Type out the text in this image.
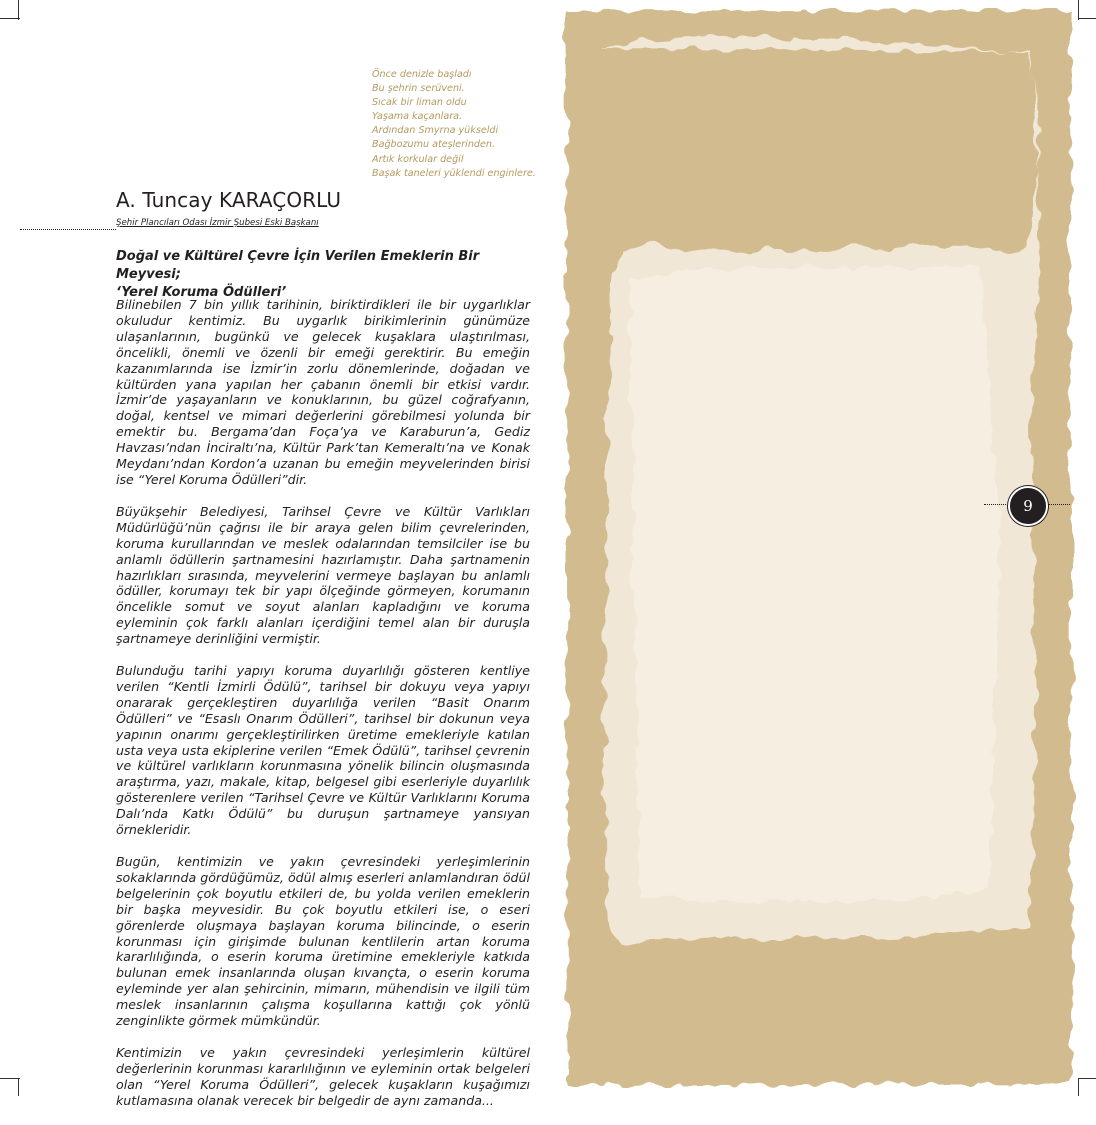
Önce denizle başladı
Bu şehrin serüveni.
Sıcak bir liman oldu
Yaşama kaçanlara.
Ardından Smyrna yükseldi
Bağbozumu ateşlerinden.
Artık korkular değil
Başak taneleri yüklendi enginlere.
A. Tuncay KARAÇORLU
Şehir Plancıları Odası İzmir Şubesi Eski Başkanı
Doğal ve Kültürel Çevre İçin Verilen Emeklerin Bir Meyvesi;
‘Yerel Koruma Ödülleri’

Bilinebilen 7 bin yıllık tarihinin, biriktirdikleri ile bir uygarlıklar okuludur kentimiz. Bu uygarlık birikimlerinin günümüze ulaşanlarının, bugünkü ve gelecek kuşaklara ulaştırılması, öncelikli, önemli ve özenli bir emeği gerektirir. Bu emeğin kazanımlarında ise İzmir’in zorlu dönemlerinde, doğadan ve kültürden yana yapılan her çabanın önemli bir etkisi vardır. İzmir’de yaşayanların ve konuklarının, bu güzel coğrafyanın, doğal, kentsel ve mimari değerlerini görebilmesi yolunda bir emektir bu. Bergama’dan Foça’ya ve Karaburun’a, Gediz Havzası’ndan İnciraltı’na, Kültür Park’tan Kemeraltı’na ve Konak Meydanı’ndan Kordon’a uzanan bu emeğin meyvelerinden birisi ise “Yerel Koruma Ödülleri”dir.

Büyükşehir Belediyesi, Tarihsel Çevre ve Kültür Varlıkları Müdürlüğü’nün çağrısı ile bir araya gelen bilim çevrelerinden, koruma kurullarından ve meslek odalarından temsilciler ise bu anlamlı ödüllerin şartnamesini hazırlamıştır. Daha şartnamenin hazırlıkları sırasında, meyvelerini vermeye başlayan bu anlamlı ödüller, korumayı tek bir yapı ölçeğinde görmeyen, korumanın öncelikle somut ve soyut alanları kapladığını ve koruma eyleminin çok farklı alanları içerdiğini temel alan bir duruşla şartnameye derinliğini vermiştir.

Bulunduğu tarihi yapıyı koruma duyarlılığı gösteren kentliye verilen “Kentli İzmirli Ödülü”, tarihsel bir dokuyu veya yapıyı onararak gerçekleştiren duyarlılığa verilen “Basit Onarım Ödülleri” ve “Esaslı Onarım Ödülleri”, tarihsel bir dokunun veya yapının onarımı gerçekleştirilirken üretime emekleriyle katılan usta veya usta ekiplerine verilen “Emek Ödülü”, tarihsel çevrenin ve kültürel varlıkların korunmasına yönelik bilincin oluşmasında araştırma, yazı, makale, kitap, belgesel gibi eserleriyle duyarlılık gösterenlere verilen “Tarihsel Çevre ve Kültür Varlıklarını Koruma Dalı’nda Katkı Ödülü” bu duruşun şartnameye yansıyan örnekleridir.

Bugün, kentimizin ve yakın çevresindeki yerleşimlerinin sokaklarında gördüğümüz, ödül almış eserleri anlamlandıran ödül belgelerinin çok boyutlu etkileri de, bu yolda verilen emeklerin bir başka meyvesidir. Bu çok boyutlu etkileri ise, o eseri görenlerde oluşmaya başlayan koruma bilincinde, o eserin korunması için girişimde bulunan kentlilerin artan koruma kararlılığında, o eserin koruma üretimine emekleriyle katkıda bulunan emek insanlarında oluşan kıvançta, o eserin koruma eyleminde yer alan şehircinin, mimarın, mühendisin ve ilgili tüm meslek insanlarının çalışma koşullarına kattığı çok yönlü zenginlikte görmek mümkündür.

Kentimizin ve yakın çevresindeki yerleşimlerin kültürel değerlerinin korunması kararlılığının ve eyleminin ortak belgeleri olan “Yerel Koruma Ödülleri”, gelecek kuşakların kuşağımızı kutlamasına olanak verecek bir belgedir de aynı zamanda...

9
